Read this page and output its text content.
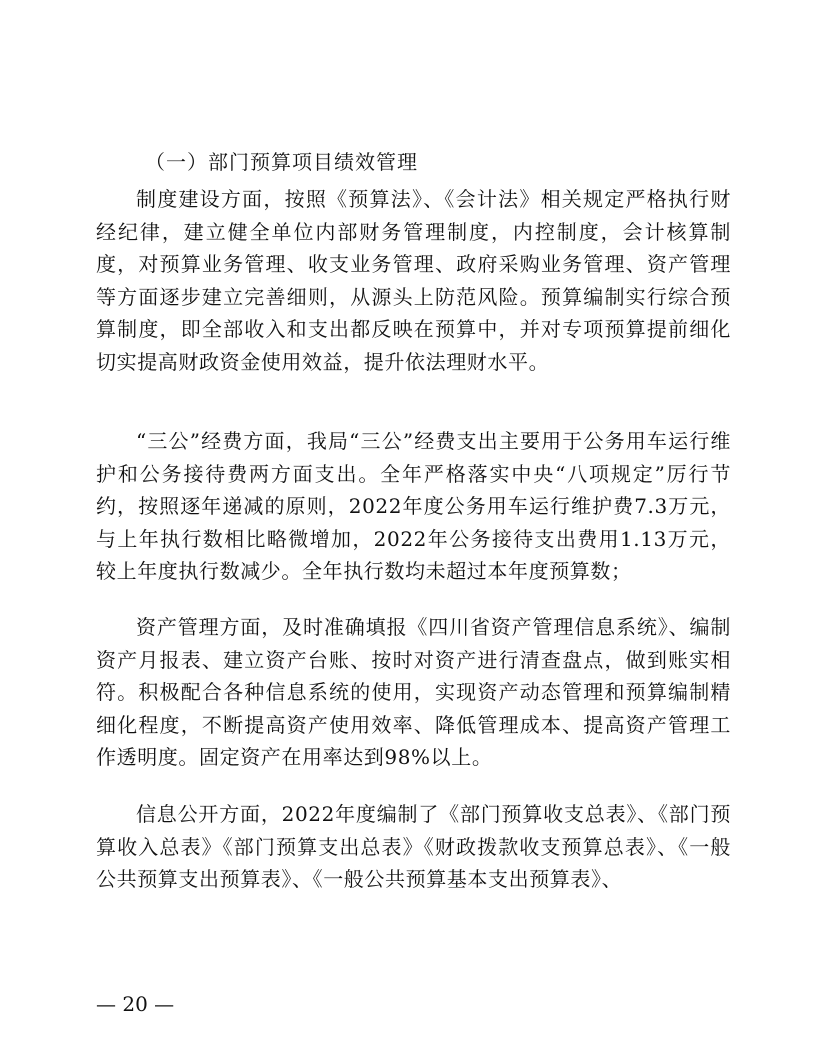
（一）部门预算项目绩效管理

制度建设方面，按照《预算法》、《会计法》相关规定严格执行财经纪律，建立健全单位内部财务管理制度，内控制度，会计核算制度，对预算业务管理、收支业务管理、政府采购业务管理、资产管理等方面逐步建立完善细则，从源头上防范风险。预算编制实行综合预算制度，即全部收入和支出都反映在预算中，并对专项预算提前细化切实提高财政资金使用效益，提升依法理财水平。

“三公”经费方面，我局“三公”经费支出主要用于公务用车运行维护和公务接待费两方面支出。全年严格落实中央“八项规定”厉行节约，按照逐年递减的原则，2022年度公务用车运行维护费7.3万元，与上年执行数相比略微增加，2022年公务接待支出费用1.13万元，较上年度执行数减少。全年执行数均未超过本年度预算数；

资产管理方面，及时准确填报《四川省资产管理信息系统》、编制资产月报表、建立资产台账、按时对资产进行清查盘点，做到账实相符。积极配合各种信息系统的使用，实现资产动态管理和预算编制精细化程度，不断提高资产使用效率、降低管理成本、提高资产管理工作透明度。固定资产在用率达到98%以上。

信息公开方面，2022年度编制了《部门预算收支总表》、《部门预算收入总表》《部门预算支出总表》《财政拨款收支预算总表》、《一般公共预算支出预算表》、《一般公共预算基本支出预算表》、

— 20 —
